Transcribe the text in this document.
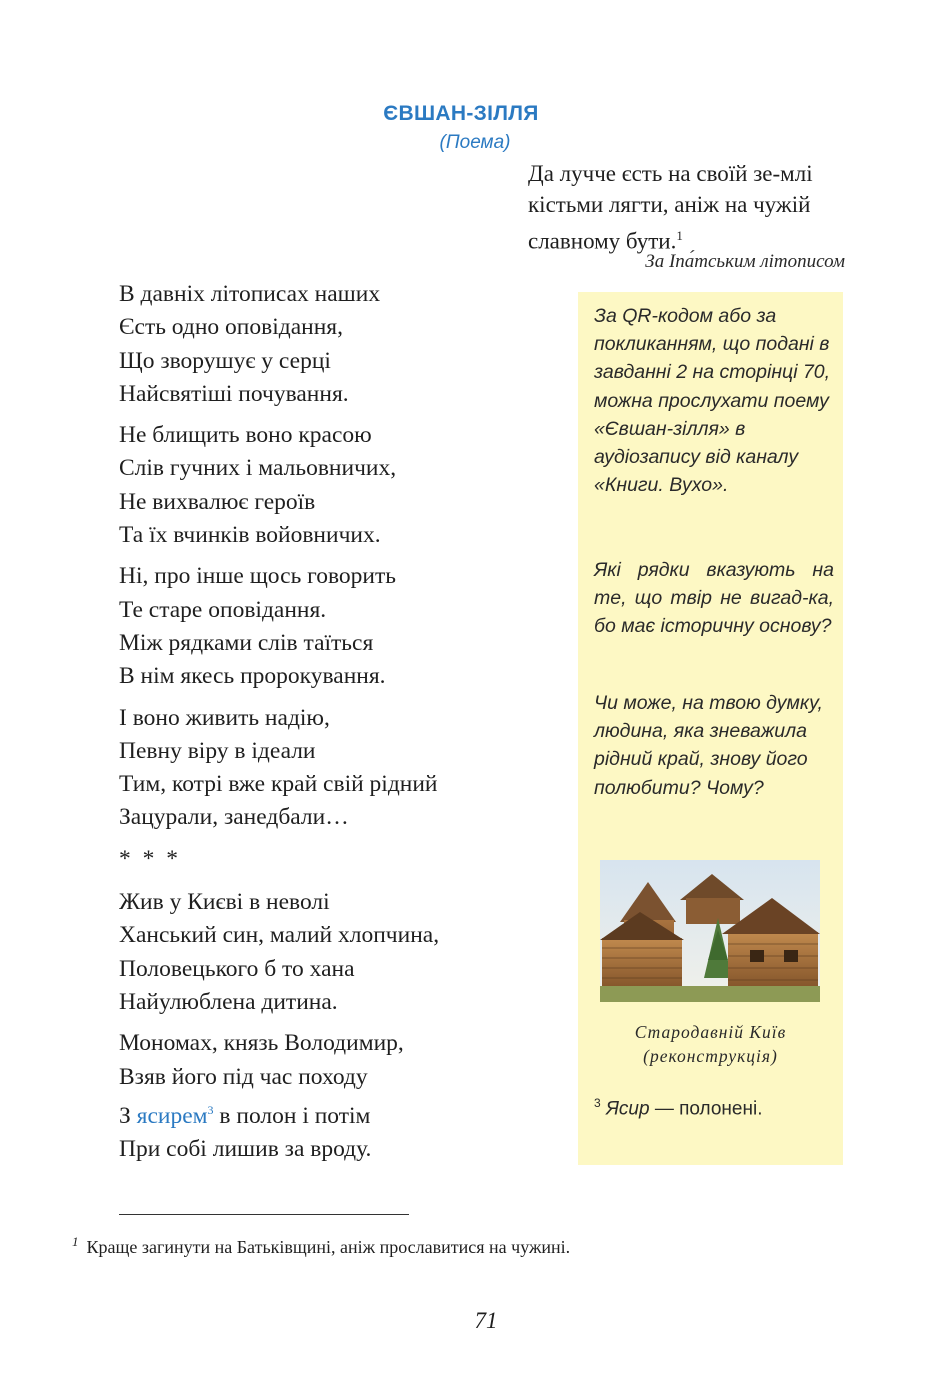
ЄВШАН-ЗІЛЛЯ
(Поема)
Да лучче єсть на своїй зе-млі кістьми лягти, аніж на чужій славному бути.$^1$
За Іпа́тським літописом
В давніх літописах наших
Єсть одно оповідання,
Що зворушує у серці
Найсвятіші почування.
Не блищить воно красою
Слів гучних і мальовничих,
Не вихвалює героїв
Та їх вчинків войовничих.
Ні, про інше щось говорить
Те старе оповідання.
Між рядками слів таїться
В нім якесь пророкування.
І воно живить надію,
Певну віру в ідеали
Тим, котрі вже край свій рідний
Зацурали, занедбали…
* * *
Жив у Києві в неволі
Ханський син, малий хлопчина,
Половецького б то хана
Найулюблена дитина.
Мономах, князь Володимир,
Взяв його під час походу
З ясирем$^3$ в полон і потім
При собі лишив за вроду.
За QR-кодом або за покликанням, що подані в завданні 2 на сторінці 70, можна прослухати поему «Євшан-зілля» в аудіозапису від каналу «Книги. Вухо».
Які рядки вказують на те, що твір не вигад-ка, бо має історичну основу?
Чи може, на твою думку, людина, яка зневажила рідний край, знову його полюбити? Чому?
Стародавній Київ (реконструкція)
$^3$ Ясир — полонені.
$^1$ Краще загинути на Батьківщині, аніж прославитися на чужині.
71
